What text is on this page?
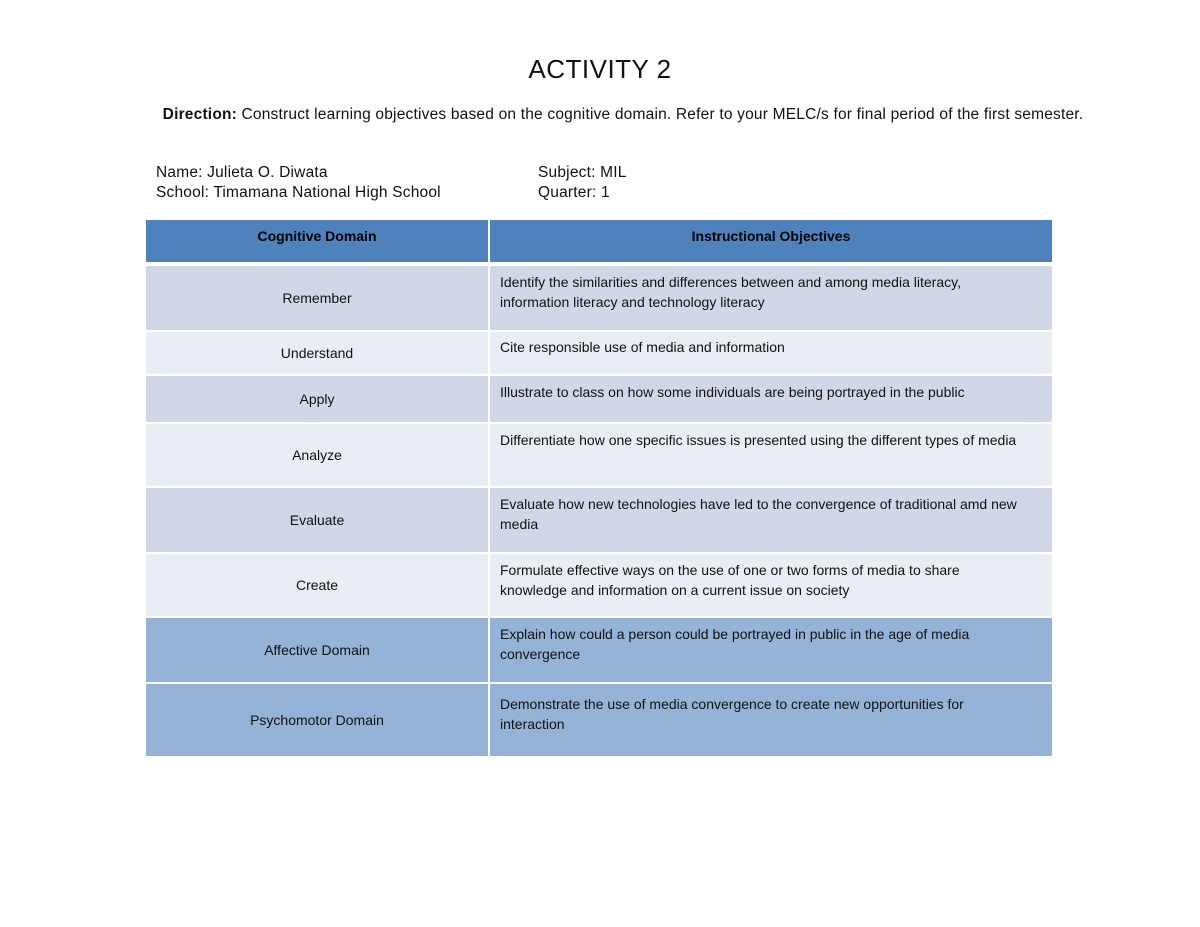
ACTIVITY 2
Direction: Construct learning objectives based on the cognitive domain. Refer to your MELC/s for final period of the first semester.
Name: Julieta O. Diwata
School: Timamana National High School
Subject: MIL
Quarter: 1
Cognitive Domain	Instructional Objectives
Remember	Identify the similarities and differences between and among media literacy, information literacy and technology literacy
Understand	Cite responsible use of media and information
Apply	Illustrate to class on how some individuals are being portrayed in the public
Analyze	Differentiate how one specific issues is presented using the different types of media
Evaluate	Evaluate how new technologies have led to the convergence of traditional amd new media
Create	Formulate effective ways on the use of one or two forms of media to share knowledge and information on a current issue on society
Affective Domain	Explain how could a person could be portrayed in public in the age of media convergence
Psychomotor Domain	Demonstrate the use of media convergence to create new opportunities for interaction
